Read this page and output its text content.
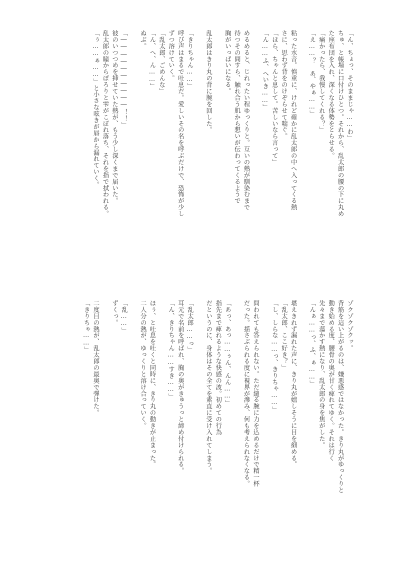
「ん、ちょっ、そのままじゃ……わ」
ちゅ、と帳場に口付けひとつ。それから、乱太郎の腰の下に丸め
た座布団を入れ、深くなる体勢をとらせる。
「痛かったら、我慢してくれる？」
「え……？　あ、やぁ……」

粘った水音。慎重に、けれど確かに乱太郎の中へ入ってくる熱
さに、思わず背をのけぞらせて喘ぐ。
「ほら、ちゃんと息して。苦しいなら言って」
「ん……ふ、へいき……」

めるめると、じれったい程ゆっくりと。互いの熱が馴染むまで
待つその間すら、触れ合う肌から想いが伝わってくるようで
胸がいっぱいになる。

乱太郎はきり丸の背に腕を回した。

「きりちゃん……」
呼び声はまるで吐息だ。愛しいその名を呼ぶだけで、恐怖が少し
ずつ溶けていく。
「乱太郎、ごめんな」
「ん、へ、ん……」
ぬぶ。

「――――――――――！！」
彼のいつつめを挿せていた熱が、もう少し深くまで届いた。
乱太郎の瞳からぽろりと雫がこぼれ落ち、それを指で拭われる。
「ぅ……ぁ……」と小さな呟きが唇から漏れていく。
ゾクゾクゾクッ。
背筋を這い上がるのは、嫌悪感ではなかった。きり丸がゆっくりと
動き始める度、腰骨の奥が甘く痺れてゆく。それは行く
先々まで蕩かす熱になり、乱太郎の身を焦がした。
「んぁ……っ、ふ、ぁ……」

堪えきれず漏れた声に、きり丸が嬉しそうに目を細める。
「乱太郎、ここ好き？」
「し、しらな……っ、きりちゃ……」

問われても答えられない。ただ縋る腕に力を込めるだけで精一杯
だった。揺さぶられる度に視界が滲み、何も考えられなくなる。

「あっ、あっ……ぅん、んん……」
指先まで痺れるような快感の波。初めての行為
だというのに、身体はその全てを素直に受け入れてしまう。

「乱太郎……っ」
耳元で名前を呼ばれ、胸の奥がきゅうっと締め付けられる。
「ん、きりちゃん……すき……」

ほぅ、と吐息を吐くと同時に、きり丸の動きが止まった。
二人分の熱が、ゆっくりと溶け合っていく。

「乱……」
ずくっ。

二度目の熱が、乱太郎の最奥で弾けた。
「きりちゃ……」
